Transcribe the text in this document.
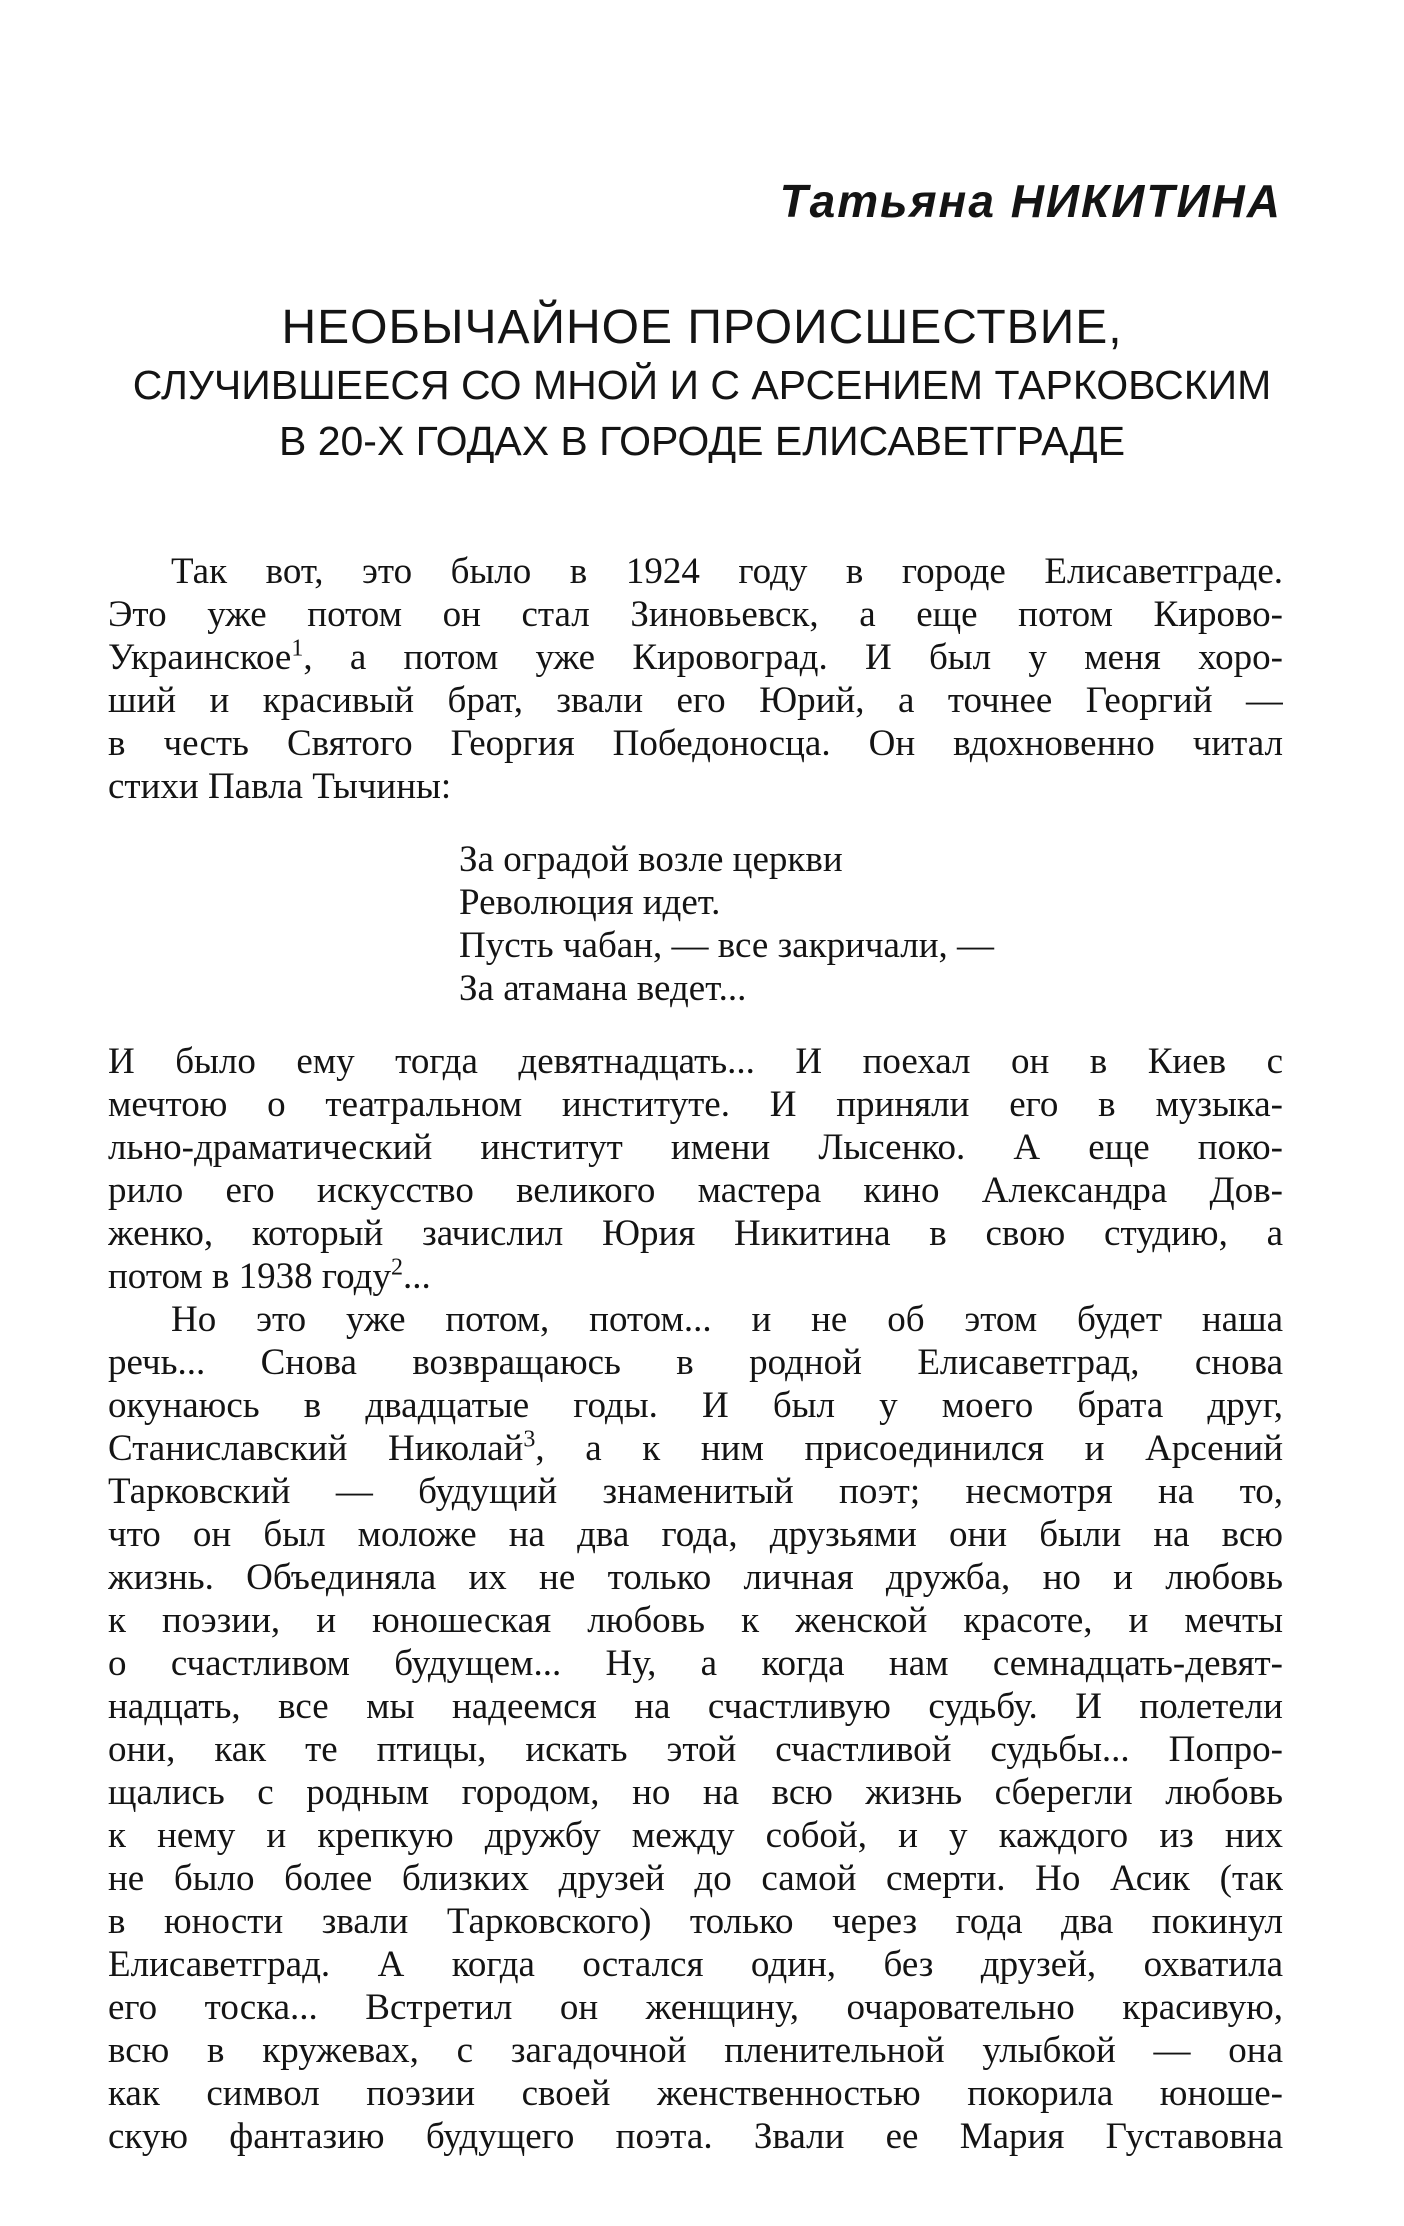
Татьяна НИКИТИНА
НЕОБЫЧАЙНОЕ ПРОИСШЕСТВИЕ,
СЛУЧИВШЕЕСЯ СО МНОЙ И С АРСЕНИЕМ ТАРКОВСКИМ
В 20-Х ГОДАХ В ГОРОДЕ ЕЛИСАВЕТГРАДЕ
Так вот, это было в 1924 году в городе Елисаветграде.
Это уже потом он стал Зиновьевск, а еще потом Кирово-
Украинское$^1$, а потом уже Кировоград. И был у меня хоро-
ший и красивый брат, звали его Юрий, а точнее Георгий —
в честь Святого Георгия Победоносца. Он вдохновенно читал
стихи Павла Тычины:
За оградой возле церкви
Революция идет.
Пусть чабан, — все закричали, —
За атамана ведет...
И было ему тогда девятнадцать... И поехал он в Киев с
мечтою о театральном институте. И приняли его в музыка-
льно-драматический институт имени Лысенко. А еще поко-
рило его искусство великого мастера кино Александра Дов-
женко, который зачислил Юрия Никитина в свою студию, а
потом в 1938 году$^2$...
Но это уже потом, потом... и не об этом будет наша
речь... Снова возвращаюсь в родной Елисаветград, снова
окунаюсь в двадцатые годы. И был у моего брата друг,
Станиславский Николай$^3$, а к ним присоединился и Арсений
Тарковский — будущий знаменитый поэт; несмотря на то,
что он был моложе на два года, друзьями они были на всю
жизнь. Объединяла их не только личная дружба, но и любовь
к поэзии, и юношеская любовь к женской красоте, и мечты
о счастливом будущем... Ну, а когда нам семнадцать-девят-
надцать, все мы надеемся на счастливую судьбу. И полетели
они, как те птицы, искать этой счастливой судьбы... Попро-
щались с родным городом, но на всю жизнь сберегли любовь
к нему и крепкую дружбу между собой, и у каждого из них
не было более близких друзей до самой смерти. Но Асик (так
в юности звали Тарковского) только через года два покинул
Елисаветград. А когда остался один, без друзей, охватила
его тоска... Встретил он женщину, очаровательно красивую,
всю в кружевах, с загадочной пленительной улыбкой — она
как символ поэзии своей женственностью покорила юноше-
скую фантазию будущего поэта. Звали ее Мария Густавовна
